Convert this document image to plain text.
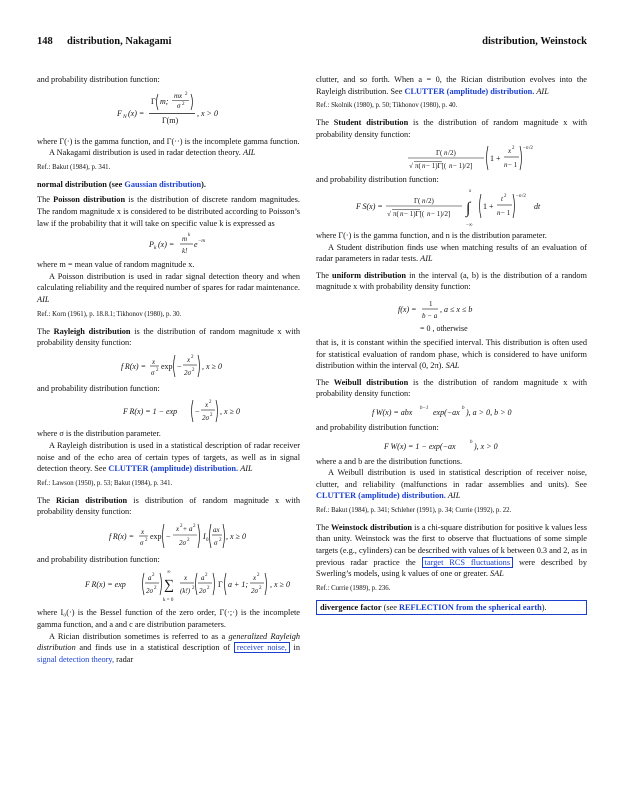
148 distribution, Nakagami	distribution, Weinstock

and probability distribution function:

F N (x) =
Γ m;
mx 2
σ 2
Γ(m)
, x > 0

where Γ(·) is the gamma function, and Γ(··) is the incomplete gamma function.

A Nakagami distribution is used in radar detection theory. AIL

Ref.: Bakut (1984), p. 341.

normal distribution (see Gaussian distribution).

The Poisson distribution is the distribution of discrete random magnitudes. The random magnitude x is considered to be distributed according to Poisson’s law if the probability that it will take on specific value k is expressed as

P k (x) =
m k
k!
e −m

where m = mean value of random magnitude x.

A Poisson distribution is used in radar signal detection theory and when calculating reliability and the required number of spares for radar maintenance. AIL

Ref.: Korn (1961), p. 18.8.1; Tikhonov (1980), p. 30.

The Rayleigh distribution is the distribution of random magnitude x with probability density function:

f R(x) = x
σ 2 exp −
x 2
2σ 2 , x ≥ 0

and probability distribution function:

F R(x) = 1 − exp −
x 2
2σ 2 , x ≥ 0

where σ is the distribution parameter.

A Rayleigh distribution is used in a statistical description of radar receiver noise and of the echo area of certain types of targets, as well as in signal detection theory. See CLUTTER (amplitude) distribution. AIL

Ref.: Lawson (1950), p. 53; Bakut (1984), p. 341.

The Rician distribution is distribution of random magnitude x with probability density function:

f R(x) = x
σ 2 exp −
x 2 + a 2
2σ 2 I 0
ax
σ 2 , x ≥ 0

and probability distribution function:

F R(x) = exp
a 2
2σ 2
∞
∑
k = 0
x
(k!) 2
a 2
2σ 2 Γ a + 1;
x 2
2σ 2 , x ≥ 0

where I₀(·) is the Bessel function of the zero order, Γ(·;·) is the incomplete gamma function, and a and c are distribution parameters.

A Rician distribution sometimes is referred to as a generalized Rayleigh distribution and finds use in a statistical description of receiver noise, in signal detection theory, radar

clutter, and so forth. When a = 0, the Rician distribution evolves into the Rayleigh distribution. See CLUTTER (amplitude) distribution. AIL

Ref.: Skolnik (1980), p. 50; Tikhonov (1980), p. 40.

The Student distribution is the distribution of random magnitude x with probability density function:

Γ( n /2)
√ π( n − 1)Γ[( n − 1)/2]
1 +
x 2
n − 1
− n /2

and probability distribution function:

F S(x) =
Γ( n /2)
√ π( n − 1)Γ[( n − 1)/2]
x
∫
−∞
1 +
t 2
n − 1
− n /2
dt

where Γ(·) is the gamma function, and n is the distribution parameter.

A Student distribution finds use when matching results of an evaluation of radar parameters in radar tests. AIL

The uniform distribution in the interval (a, b) is the distribution of a random magnitude x with probability density function:

f(x) =
1
b − a
, a ≤ x ≤ b
= 0 , otherwise

that is, it is constant within the specified interval. This distribution is often used for statistical evaluation of random phase, which is considered to have uniform distribution within the interval (0, 2π). SAL

The Weibull distribution is the distribution of random magnitude x with probability density function:

f W(x) = abx b−1 exp(−ax b ), a > 0, b > 0

and probability distribution function:

F W(x) = 1 − exp(−ax	b ), x > 0

where a and b are the distribution functions.

A Weibull distribution is used in statistical description of receiver noise, clutter, and reliability (malfunctions in radar assemblies and units). See CLUTTER (amplitude) distribution. AIL

Ref.: Bakut (1984), p. 341; Schleher (1991), p. 34; Currie (1992), p. 22.

The Weinstock distribution is a chi-square distribution for positive k values less than unity. Weinstock was the first to observe that fluctuations of some simple targets (e.g., cylinders) can be described with values of k between 0.3 and 2, as in previous radar practice the target RCS fluctuations were described by Swerling’s models, using k values of one or greater. SAL

Ref.: Currie (1989), p. 236.

divergence factor (see REFLECTION from the spherical earth).
